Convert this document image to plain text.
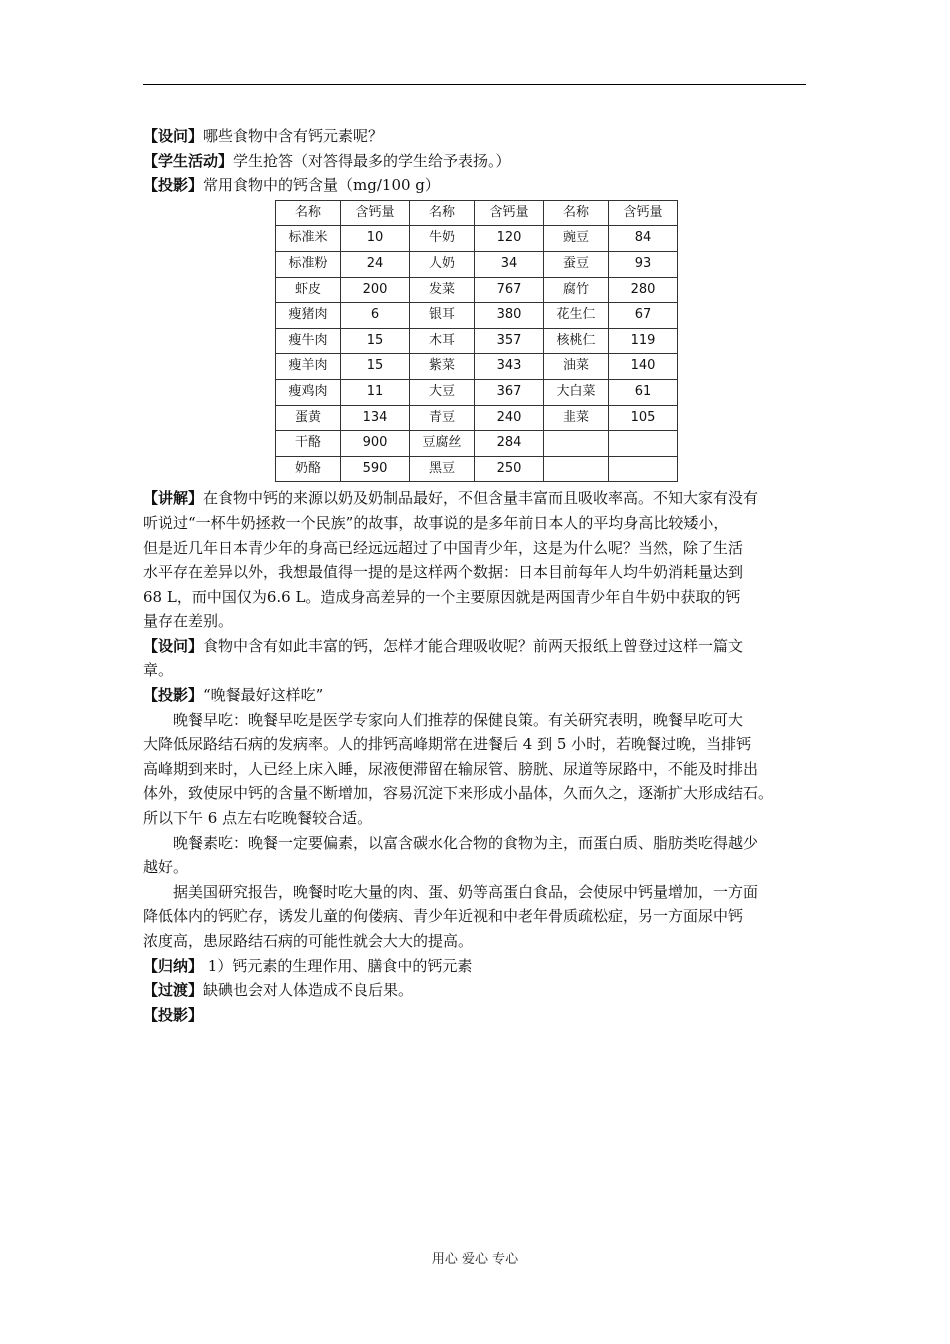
【设问】哪些食物中含有钙元素呢？

【学生活动】学生抢答（对答得最多的学生给予表扬。）

【投影】常用食物中的钙含量（mg/100 g）

名称	含钙量	名称	含钙量	名称	含钙量
标准米	10	牛奶	120	豌豆	84
标准粉	24	人奶	34	蚕豆	93
虾皮	200	发菜	767	腐竹	280
瘦猪肉	6	银耳	380	花生仁	67
瘦牛肉	15	木耳	357	核桃仁	119
瘦羊肉	15	紫菜	343	油菜	140
瘦鸡肉	11	大豆	367	大白菜	61
蛋黄	134	青豆	240	韭菜	105
干酪	900	豆腐丝	284		
奶酪	590	黑豆	250		

【讲解】在食物中钙的来源以奶及奶制品最好，不但含量丰富而且吸收率高。不知大家有没有

听说过“一杯牛奶拯救一个民族”的故事，故事说的是多年前日本人的平均身高比较矮小，

但是近几年日本青少年的身高已经远远超过了中国青少年，这是为什么呢？当然，除了生活

水平存在差异以外，我想最值得一提的是这样两个数据：日本目前每年人均牛奶消耗量达到

68 L，而中国仅为6.6 L。造成身高差异的一个主要原因就是两国青少年自牛奶中获取的钙

量存在差别。

【设问】食物中含有如此丰富的钙，怎样才能合理吸收呢？前两天报纸上曾登过这样一篇文

章。

【投影】“晚餐最好这样吃”

晚餐早吃：晚餐早吃是医学专家向人们推荐的保健良策。有关研究表明，晚餐早吃可大

大降低尿路结石病的发病率。人的排钙高峰期常在进餐后 4 到 5 小时，若晚餐过晚，当排钙

高峰期到来时，人已经上床入睡，尿液便滞留在输尿管、膀胱、尿道等尿路中，不能及时排出

体外，致使尿中钙的含量不断增加，容易沉淀下来形成小晶体，久而久之，逐渐扩大形成结石。

所以下午 6 点左右吃晚餐较合适。

晚餐素吃：晚餐一定要偏素，以富含碳水化合物的食物为主，而蛋白质、脂肪类吃得越少

越好。

据美国研究报告，晚餐时吃大量的肉、蛋、奶等高蛋白食品，会使尿中钙量增加，一方面

降低体内的钙贮存，诱发儿童的佝偻病、青少年近视和中老年骨质疏松症，另一方面尿中钙

浓度高，患尿路结石病的可能性就会大大的提高。

【归纳】 1）钙元素的生理作用、膳食中的钙元素

【过渡】缺碘也会对人体造成不良后果。

【投影】

用心 爱心 专心
